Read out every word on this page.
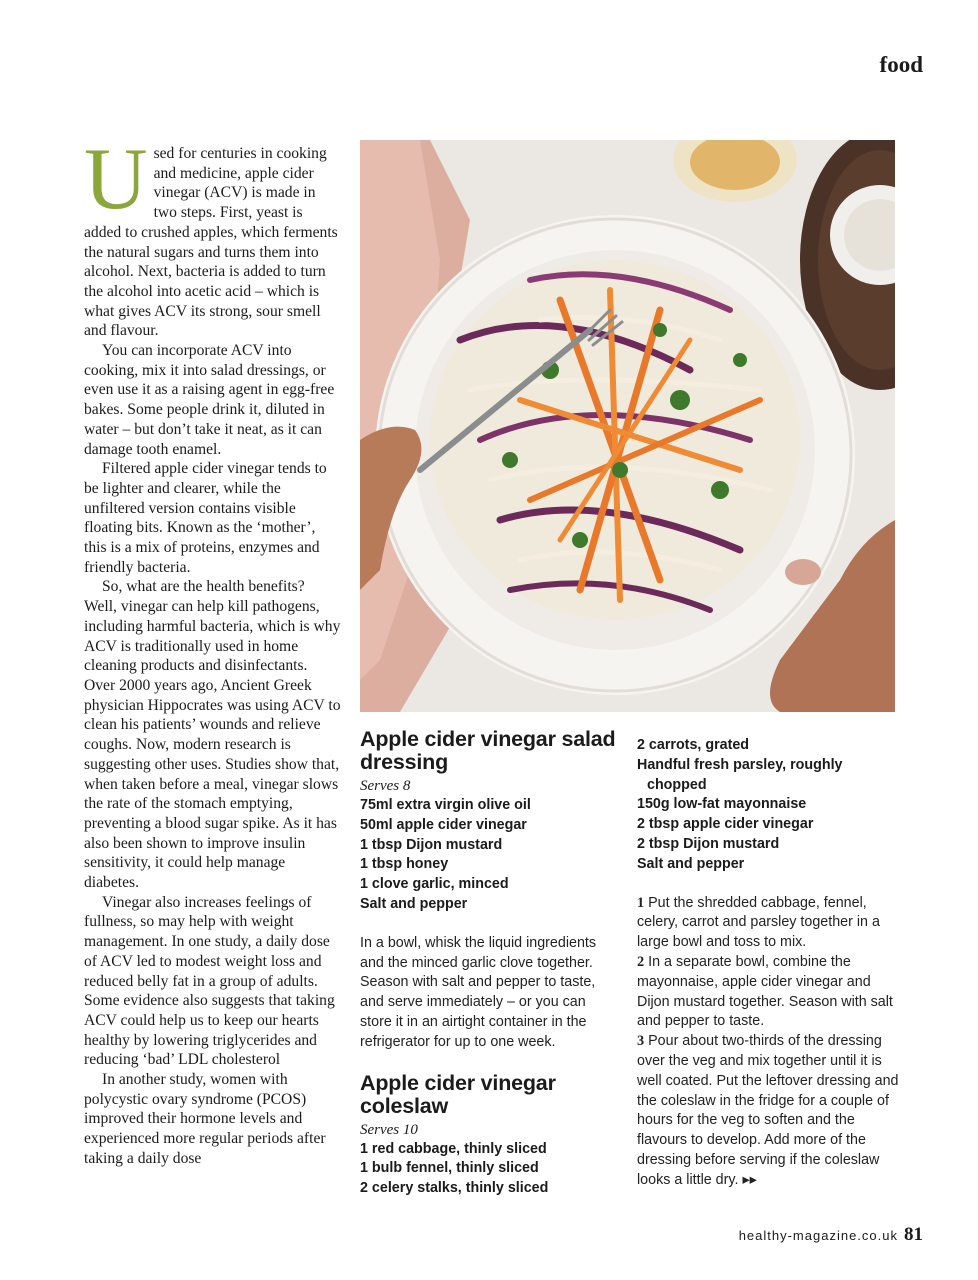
food

Used for centuries in cooking and medicine, apple cider vinegar (ACV) is made in two steps. First, yeast is added to crushed apples, which ferments the natural sugars and turns them into alcohol. Next, bacteria is added to turn the alcohol into acetic acid – which is what gives ACV its strong, sour smell and flavour.

You can incorporate ACV into cooking, mix it into salad dressings, or even use it as a raising agent in egg-free bakes. Some people drink it, diluted in water – but don’t take it neat, as it can damage tooth enamel.

Filtered apple cider vinegar tends to be lighter and clearer, while the unfiltered version contains visible floating bits. Known as the ‘mother’, this is a mix of proteins, enzymes and friendly bacteria.

So, what are the health benefits? Well, vinegar can help kill pathogens, including harmful bacteria, which is why ACV is traditionally used in home cleaning products and disinfectants. Over 2000 years ago, Ancient Greek physician Hippocrates was using ACV to clean his patients’ wounds and relieve coughs. Now, modern research is suggesting other uses. Studies show that, when taken before a meal, vinegar slows the rate of the stomach emptying, preventing a blood sugar spike. As it has also been shown to improve insulin sensitivity, it could help manage diabetes.

Vinegar also increases feelings of fullness, so may help with weight management. In one study, a daily dose of ACV led to modest weight loss and reduced belly fat in a group of adults. Some evidence also suggests that taking ACV could help us to keep our hearts healthy by lowering triglycerides and reducing ‘bad’ LDL cholesterol

In another study, women with polycystic ovary syndrome (PCOS) improved their hormone levels and experienced more regular periods after taking a daily dose

Apple cider vinegar salad dressing
Serves 8
75ml extra virgin olive oil
50ml apple cider vinegar
1 tbsp Dijon mustard
1 tbsp honey
1 clove garlic, minced
Salt and pepper
In a bowl, whisk the liquid ingredients and the minced garlic clove together. Season with salt and pepper to taste, and serve immediately – or you can store it in an airtight container in the refrigerator for up to one week.
Apple cider vinegar coleslaw
Serves 10
1 red cabbage, thinly sliced
1 bulb fennel, thinly sliced
2 celery stalks, thinly sliced
2 carrots, grated
Handful fresh parsley, roughly
chopped
150g low-fat mayonnaise
2 tbsp apple cider vinegar
2 tbsp Dijon mustard
Salt and pepper
1 Put the shredded cabbage, fennel, celery, carrot and parsley together in a large bowl and toss to mix.
2 In a separate bowl, combine the mayonnaise, apple cider vinegar and Dijon mustard together. Season with salt and pepper to taste.
3 Pour about two-thirds of the dressing over the veg and mix together until it is well coated. Put the leftover dressing and the coleslaw in the fridge for a couple of hours for the veg to soften and the flavours to develop. Add more of the dressing before serving if the coleslaw looks a little dry. ▸▸
healthy-magazine.co.uk 81
